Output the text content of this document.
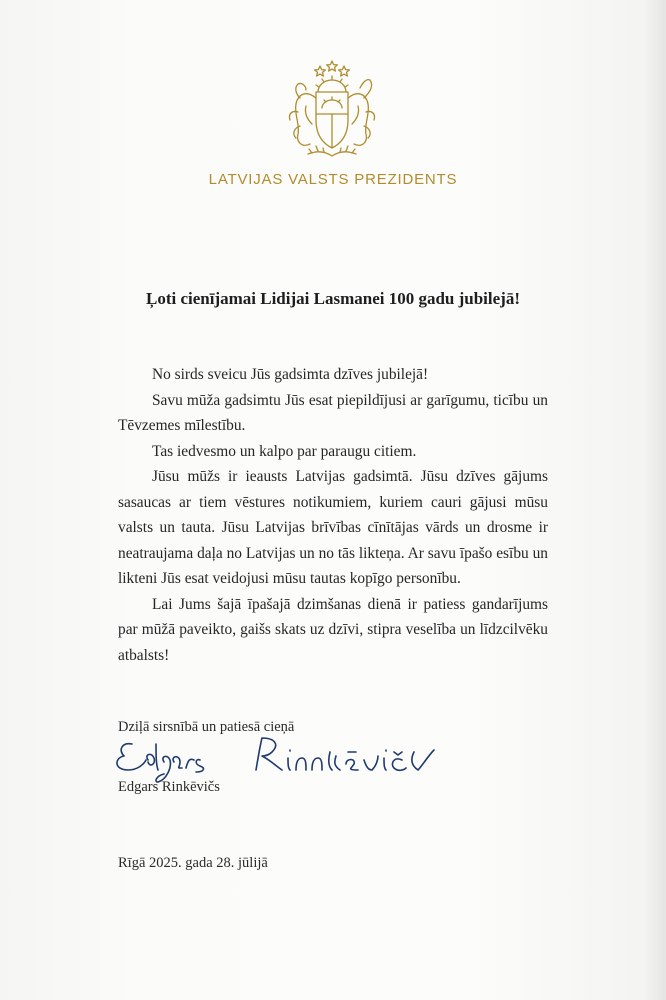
LATVIJAS VALSTS PREZIDENTS
Ļoti cienījamai Lidijai Lasmanei 100 gadu jubilejā!

No sirds sveicu Jūs gadsimta dzīves jubilejā!

Savu mūža gadsimtu Jūs esat piepildījusi ar garīgumu, ticību un Tēvzemes mīlestību.

Tas iedvesmo un kalpo par paraugu citiem.

Jūsu mūžs ir ieausts Latvijas gadsimtā. Jūsu dzīves gājums sasaucas ar tiem vēstures notikumiem, kuriem cauri gājusi mūsu valsts un tauta. Jūsu Latvijas brīvības cīnītājas vārds un drosme ir neatraujama daļa no Latvijas un no tās likteņa. Ar savu īpašo esību un likteni Jūs esat veidojusi mūsu tautas kopīgo personību.

Lai Jums šajā īpašajā dzimšanas dienā ir patiess gandarījums par mūžā paveikto, gaišs skats uz dzīvi, stipra veselība un līdzcilvēku atbalsts!

Dziļā sirsnībā un patiesā cieņā
Edgars Rinkēvičs
Rīgā 2025. gada 28. jūlijā
